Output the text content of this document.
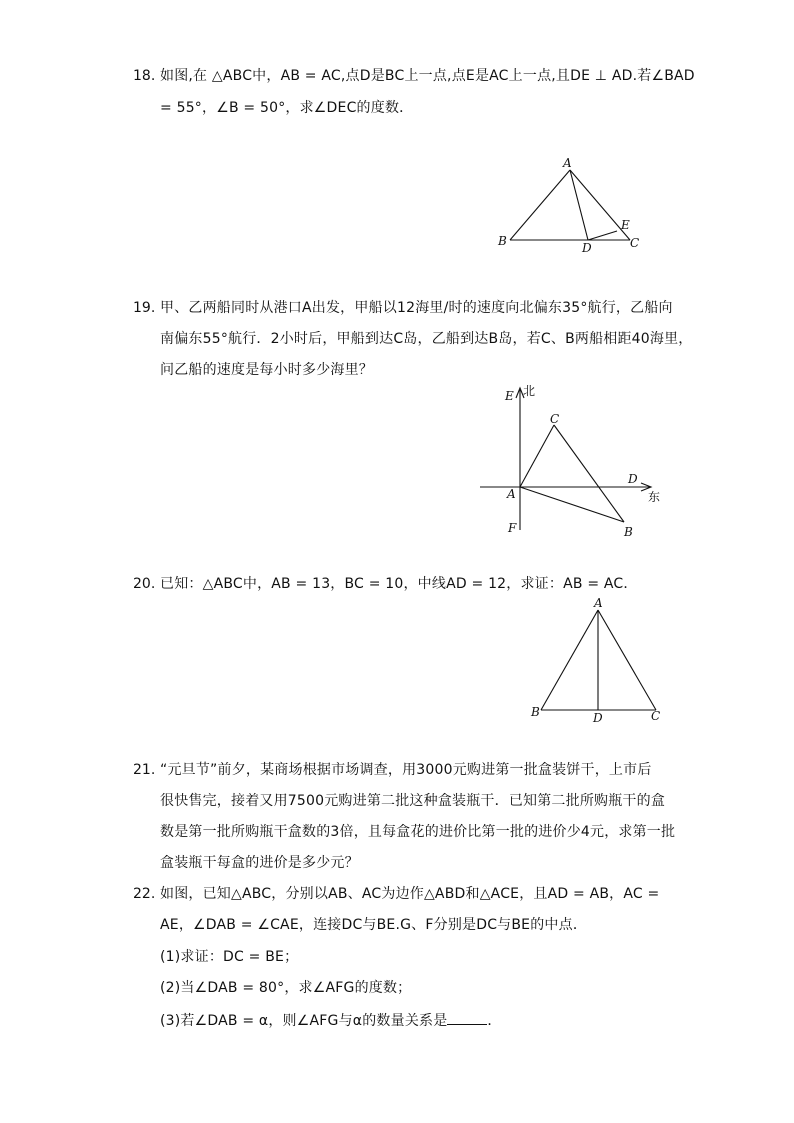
18. 如图,在 △ABC中，AB = AC,点D是BC上一点,点E是AC上一点,且DE ⊥ AD.若∠BAD
= 55°，∠B = 50°，求∠DEC的度数．
A
B	C
D
E
19. 甲、乙两船同时从港口A出发，甲船以12海里/时的速度向北偏东35°航行，乙船向
南偏东55°航行．2小时后，甲船到达C岛，乙船到达B岛，若C、B两船相距40海里，
问乙船的速度是每小时多少海里？
北
E
C
D
东
A
F	B
20. 已知：△ABC中，AB = 13，BC = 10，中线AD = 12，求证：AB = AC．
A
B	D	C
21. “元旦节”前夕，某商场根据市场调查，用3000元购进第一批盒装饼干，上市后
很快售完，接着又用7500元购进第二批这种盒装瓶干．已知第二批所购瓶干的盒
数是第一批所购瓶干盒数的3倍，且每盒花的进价比第一批的进价少4元，求第一批
盒装瓶干每盒的进价是多少元？
22. 如图，已知△ABC，分别以AB、AC为边作△ABD和△ACE，且AD = AB，AC =
AE，∠DAB = ∠CAE，连接DC与BE.G、F分别是DC与BE的中点．
(1)求证：DC = BE；
(2)当∠DAB = 80°，求∠AFG的度数；
(3)若∠DAB = α，则∠AFG与α的数量关系是	．
